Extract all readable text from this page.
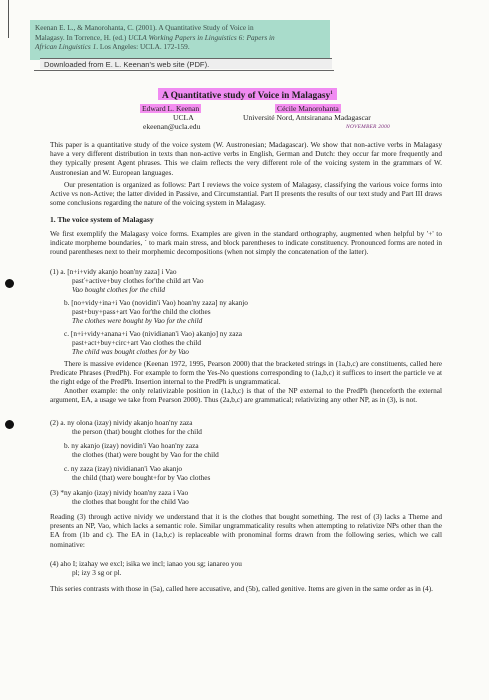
Keenan E. L., & Manorohanta, C. (2001). A Quantitative Study of Voice in
Malagasy. In Torrence, H. (ed.) UCLA Working Papers in Linguistics 6: Papers in
African Linguistics 1. Los Angeles: UCLA. 172-159.
Downloaded from E. L. Keenan's web site (PDF).
A Quantitative study of Voice in Malagasy$^1$
Edward L. Keenan
UCLA
ekeenan@ucla.edu
Cécile Manorohanta
Université Nord, Antsiranana Madagascar
NOVEMBER 2000
This paper is a quantitative study of the voice system (W. Austronesian; Madagascar). We show that non-active verbs in Malagasy have a very different distribution in texts than non-active verbs in English, German and Dutch: they occur far more frequently and they typically present Agent phrases. This we claim reflects the very different role of the voicing system in the grammars of W. Austronesian and W. European languages.
Our presentation is organized as follows: Part I reviews the voice system of Malagasy, classifying the various voice forms into Active vs non-Active; the latter divided in Passive, and Circumstantial. Part II presents the results of our text study and Part III draws some conclusions regarding the nature of the voicing system in Malagasy.
1. The voice system of Malagasy
We first exemplify the Malagasy voice forms. Examples are given in the standard orthography, augmented when helpful by '+' to indicate morpheme boundaries, ´ to mark main stress, and block parentheses to indicate constituency. Pronounced forms are noted in round parentheses next to their morphemic decompositions (when not simply the concatenation of the latter).
(1) a. [n+i+vidy akanjo hoan'ny zaza] i Vao
pasť+active+buy clothes for'the child art Vao
Vao bought clothes for the child
b. [no+vidy+ina+i Vao (novidin'i Vao) hoan'ny zaza] ny akanjo
past+buy+pass+art Vao for'the child the clothes
The clothes were bought by Vao for the child
c. [n+i+vidy+anana+i Vao (nividianan'i Vao) akanjo] ny zaza
past+act+buy+circ+art Vao clothes the child
The child was bought clothes for by Vao
There is massive evidence (Keenan 1972, 1995, Pearson 2000) that the bracketed strings in (1a,b,c) are constituents, called here Predicate Phrases (PredPh). For example to form the Yes-No questions corresponding to (1a,b,c) it suffices to insert the particle ve at the right edge of the PredPh. Insertion internal to the PredPh is ungrammatical.
Another example: the only relativizable position in (1a,b,c) is that of the NP external to the PredPh (henceforth the external argument, EA, a usage we take from Pearson 2000). Thus (2a,b,c) are grammatical; relativizing any other NP, as in (3), is not.
(2) a. ny olona (izay) nividy akanjo hoan'ny zaza
the person (that) bought clothes for the child
b. ny akanjo (izay) novidin'i Vao hoan'ny zaza
the clothes (that) were bought by Vao for the child
c. ny zaza (izay) nividianan'i Vao akanjo
the child (that) were bought+for by Vao clothes
(3) *ny akanjo (izay) nividy hoan'ny zaza i Vao
the clothes that bought for the child Vao
Reading (3) through active nividy we understand that it is the clothes that bought something. The rest of (3) lacks a Theme and presents an NP, Vao, which lacks a semantic role. Similar ungrammaticality results when attempting to relativize NPs other than the EA from (1b and c). The EA in (1a,b,c) is replaceable with pronominal forms drawn from the following series, which we call nominative:
(4) aho I; izahay we excl; isika we incl; ianao you sg; ianareo you
pl; izy 3 sg or pl.
This series contrasts with those in (5a), called here accusative, and (5b), called genitive. Items are given in the same order as in (4).
